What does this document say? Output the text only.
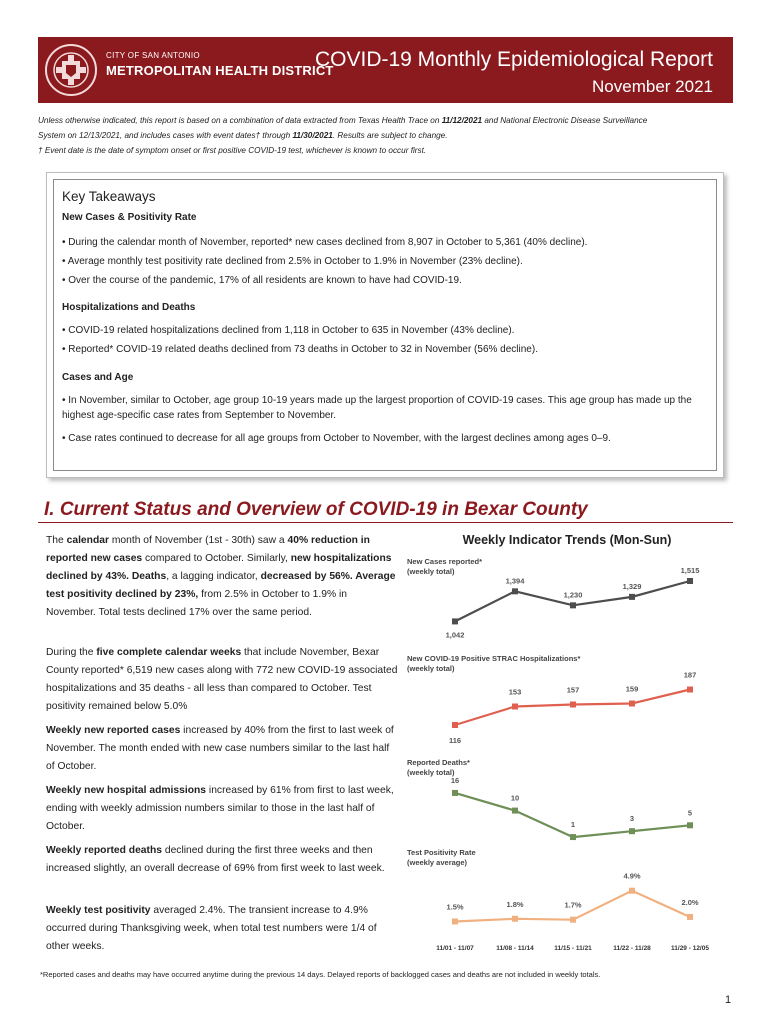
CITY OF SAN ANTONIO
METROPOLITAN HEALTH DISTRICT
COVID-19 Monthly Epidemiological Report
November 2021
Unless otherwise indicated, this report is based on a combination of data extracted from Texas Health Trace on 11/12/2021 and National Electronic Disease Surveillance
System on 12/13/2021, and includes cases with event dates† through 11/30/2021. Results are subject to change.
† Event date is the date of symptom onset or first positive COVID-19 test, whichever is known to occur first.
Key Takeaways
New Cases & Positivity Rate
• During the calendar month of November, reported* new cases declined from 8,907 in October to 5,361 (40% decline).
• Average monthly test positivity rate declined from 2.5% in October to 1.9% in November (23% decline).
• Over the course of the pandemic, 17% of all residents are known to have had COVID-19.
Hospitalizations and Deaths
• COVID-19 related hospitalizations declined from 1,118 in October to 635 in November (43% decline).
• Reported* COVID-19 related deaths declined from 73 deaths in October to 32 in November (56% decline).
Cases and Age
• In November, similar to October, age group 10-19 years made up the largest proportion of COVID-19 cases. This age group has made up the highest age-specific case rates from September to November.
• Case rates continued to decrease for all age groups from October to November, with the largest declines among ages 0–9.
I. Current Status and Overview of COVID-19 in Bexar County
The calendar month of November (1st - 30th) saw a 40% reduction in reported new cases compared to October. Similarly, new hospitalizations declined by 43%. Deaths, a lagging indicator, decreased by 56%. Average test positivity declined by 23%, from 2.5% in October to 1.9% in November. Total tests declined 17% over the same period.
During the five complete calendar weeks that include November, Bexar County reported* 6,519 new cases along with 772 new COVID-19 associated hospitalizations and 35 deaths - all less than compared to October. Test positivity remained below 5.0%
Weekly new reported cases increased by 40% from the first to last week of November. The month ended with new case numbers similar to the last half of October.
Weekly new hospital admissions increased by 61% from first to last week, ending with weekly admission numbers similar to those in the last half of October.
Weekly reported deaths declined during the first three weeks and then increased slightly, an overall decrease of 69% from first week to last week.
Weekly test positivity averaged 2.4%. The transient increase to 4.9% occurred during Thanksgiving week, when total test numbers were 1/4 of other weeks.
Weekly Indicator Trends (Mon-Sun)
New Cases reported*
(weekly total)
1,042
1,394
1,230
1,329
1,515
New COVID-19 Positive STRAC Hospitalizations*
(weekly total)
116
153	157	159
187
Reported Deaths*
(weekly total)
16
10
1
3
5
Test Positivity Rate
(weekly average)
1.5%	1.8%	1.7%
4.9%
2.0%
11/01 - 11/07	11/08 - 11/14	11/15 - 11/21	11/22 - 11/28	11/29 - 12/05
*Reported cases and deaths may have occurred anytime during the previous 14 days. Delayed reports of backlogged cases and deaths are not included in weekly totals.
1
